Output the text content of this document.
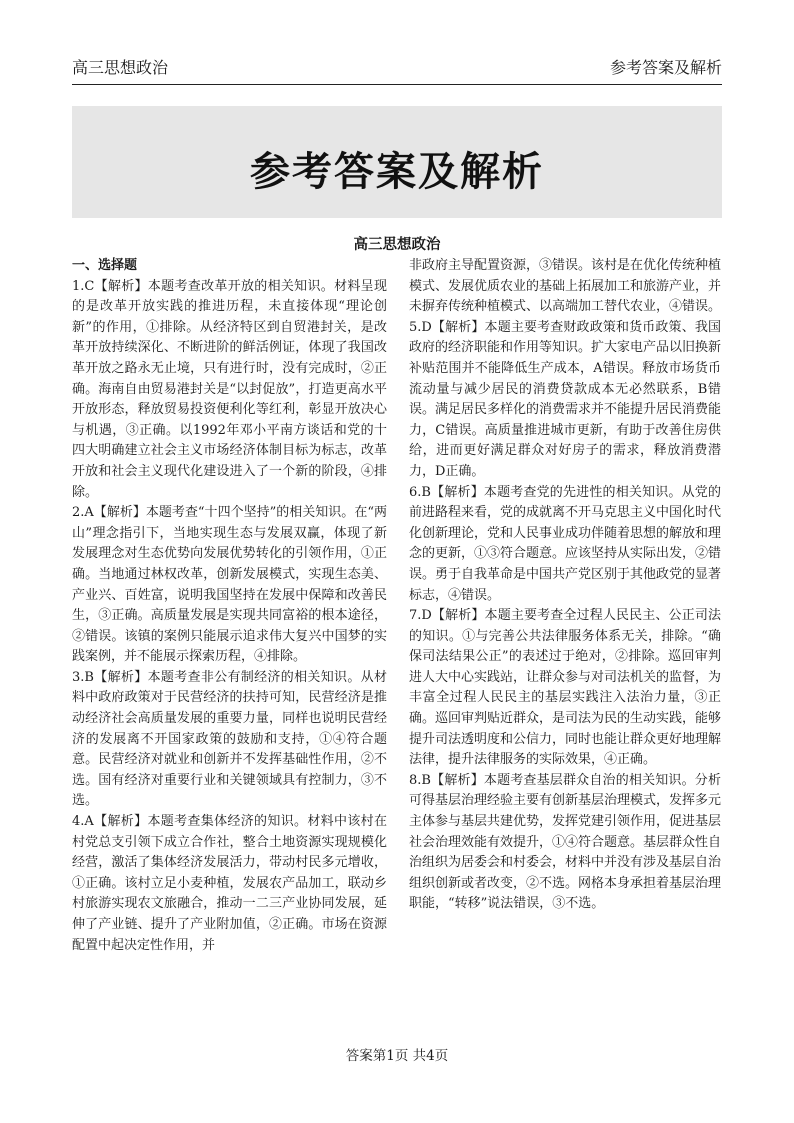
高三思想政治	参考答案及解析
参考答案及解析
高三思想政治
一、选择题

1.C【解析】本题考查改革开放的相关知识。材料呈现的是改革开放实践的推进历程，未直接体现“理论创新”的作用，①排除。从经济特区到自贸港封关，是改革开放持续深化、不断进阶的鲜活例证，体现了我国改革开放之路永无止境，只有进行时，没有完成时，②正确。海南自由贸易港封关是“以封促放”，打造更高水平开放形态，释放贸易投资便利化等红利，彰显开放决心与机遇，③正确。以1992年邓小平南方谈话和党的十四大明确建立社会主义市场经济体制目标为标志，改革开放和社会主义现代化建设进入了一个新的阶段，④排除。

2.A【解析】本题考查“十四个坚持”的相关知识。在“两山”理念指引下，当地实现生态与发展双赢，体现了新发展理念对生态优势向发展优势转化的引领作用，①正确。当地通过林权改革，创新发展模式，实现生态美、产业兴、百姓富，说明我国坚持在发展中保障和改善民生，③正确。高质量发展是实现共同富裕的根本途径，②错误。该镇的案例只能展示追求伟大复兴中国梦的实践案例，并不能展示探索历程，④排除。

3.B【解析】本题考查非公有制经济的相关知识。从材料中政府政策对于民营经济的扶持可知，民营经济是推动经济社会高质量发展的重要力量，同样也说明民营经济的发展离不开国家政策的鼓励和支持，①④符合题意。民营经济对就业和创新并不发挥基础性作用，②不选。国有经济对重要行业和关键领域具有控制力，③不选。

4.A【解析】本题考查集体经济的知识。材料中该村在村党总支引领下成立合作社，整合土地资源实现规模化经营，激活了集体经济发展活力，带动村民多元增收，①正确。该村立足小麦种植，发展农产品加工，联动乡村旅游实现农文旅融合，推动一二三产业协同发展，延伸了产业链、提升了产业附加值，②正确。市场在资源配置中起决定性作用，并

非政府主导配置资源，③错误。该村是在优化传统种植模式、发展优质农业的基础上拓展加工和旅游产业，并未摒弃传统种植模式、以高端加工替代农业，④错误。

5.D【解析】本题主要考查财政政策和货币政策、我国政府的经济职能和作用等知识。扩大家电产品以旧换新补贴范围并不能降低生产成本，A错误。释放市场货币流动量与减少居民的消费贷款成本无必然联系，B错误。满足居民多样化的消费需求并不能提升居民消费能力，C错误。高质量推进城市更新，有助于改善住房供给，进而更好满足群众对好房子的需求，释放消费潜力，D正确。

6.B【解析】本题考查党的先进性的相关知识。从党的前进路程来看，党的成就离不开马克思主义中国化时代化创新理论，党和人民事业成功伴随着思想的解放和理念的更新，①③符合题意。应该坚持从实际出发，②错误。勇于自我革命是中国共产党区别于其他政党的显著标志，④错误。

7.D【解析】本题主要考查全过程人民民主、公正司法的知识。①与完善公共法律服务体系无关，排除。“确保司法结果公正”的表述过于绝对，②排除。巡回审判进人大中心实践站，让群众参与对司法机关的监督，为丰富全过程人民民主的基层实践注入法治力量，③正确。巡回审判贴近群众，是司法为民的生动实践，能够提升司法透明度和公信力，同时也能让群众更好地理解法律，提升法律服务的实际效果，④正确。

8.B【解析】本题考查基层群众自治的相关知识。分析可得基层治理经验主要有创新基层治理模式，发挥多元主体参与基层共建优势，发挥党建引领作用，促进基层社会治理效能有效提升，①④符合题意。基层群众性自治组织为居委会和村委会，材料中并没有涉及基层自治组织创新或者改变，②不选。网格本身承担着基层治理职能，“转移”说法错误，③不选。

答案第1页 共4页
